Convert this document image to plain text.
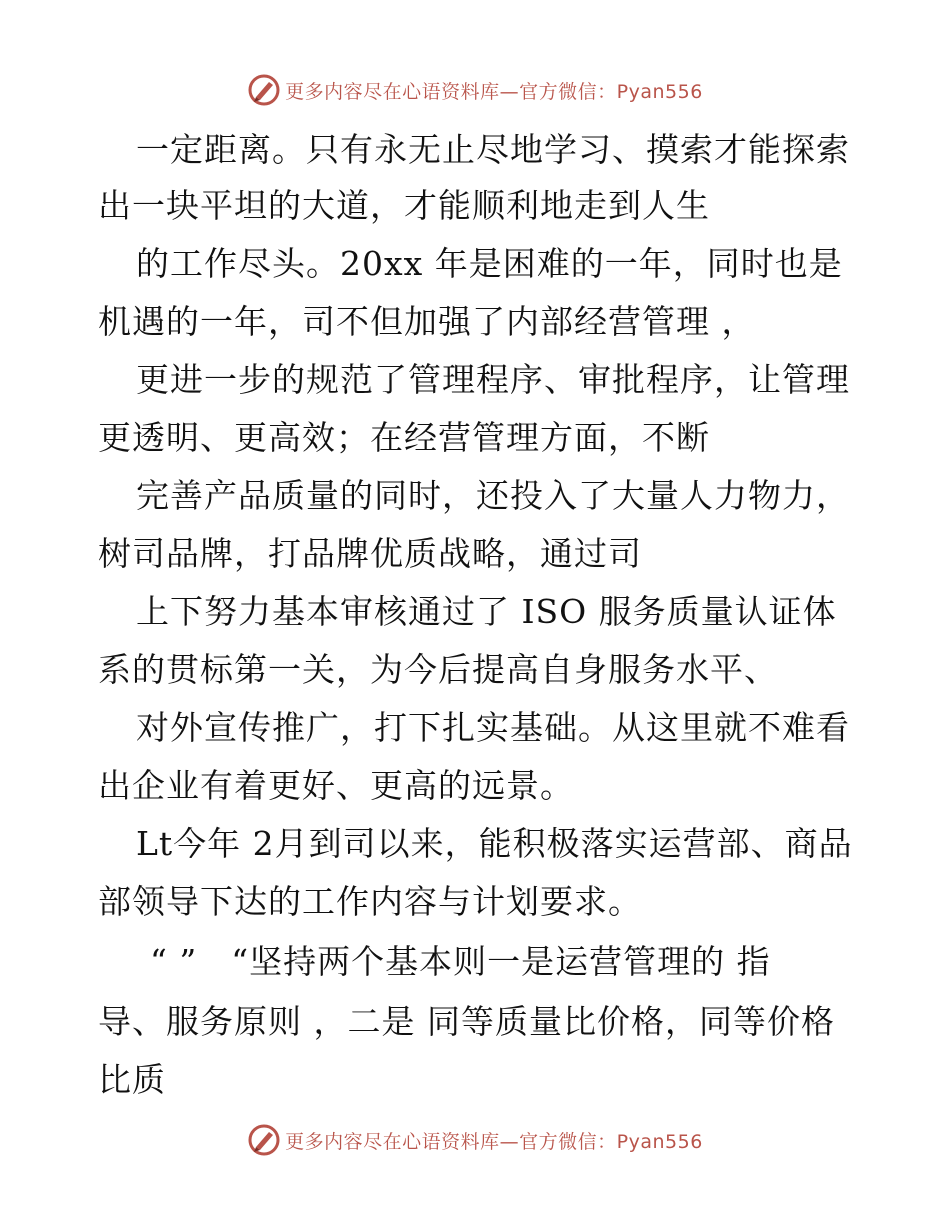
更多内容尽在心语资料库—官方微信：Pyan556
一定距离。只有永无止尽地学习、摸索才能探索
出一块平坦的大道，才能顺利地走到人生
的工作尽头。20xx 年是困难的一年，同时也是
机遇的一年，司不但加强了内部经营管理 ，
更进一步的规范了管理程序、审批程序，让管理
更透明、更高效；在经营管理方面，不断
完善产品质量的同时，还投入了大量人力物力，
树司品牌，打品牌优质战略，通过司
上下努力基本审核通过了 ISO 服务质量认证体
系的贯标第一关，为今后提高自身服务水平、
对外宣传推广，打下扎实基础。从这里就不难看
出企业有着更好、更高的远景。
Lt今年 2月到司以来，能积极落实运营部、商品
部领导下达的工作内容与计划要求。
“ ”　“坚持两个基本则一是运营管理的 指
导、服务原则 ，二是 同等质量比价格，同等价格
比质
更多内容尽在心语资料库—官方微信：Pyan556
